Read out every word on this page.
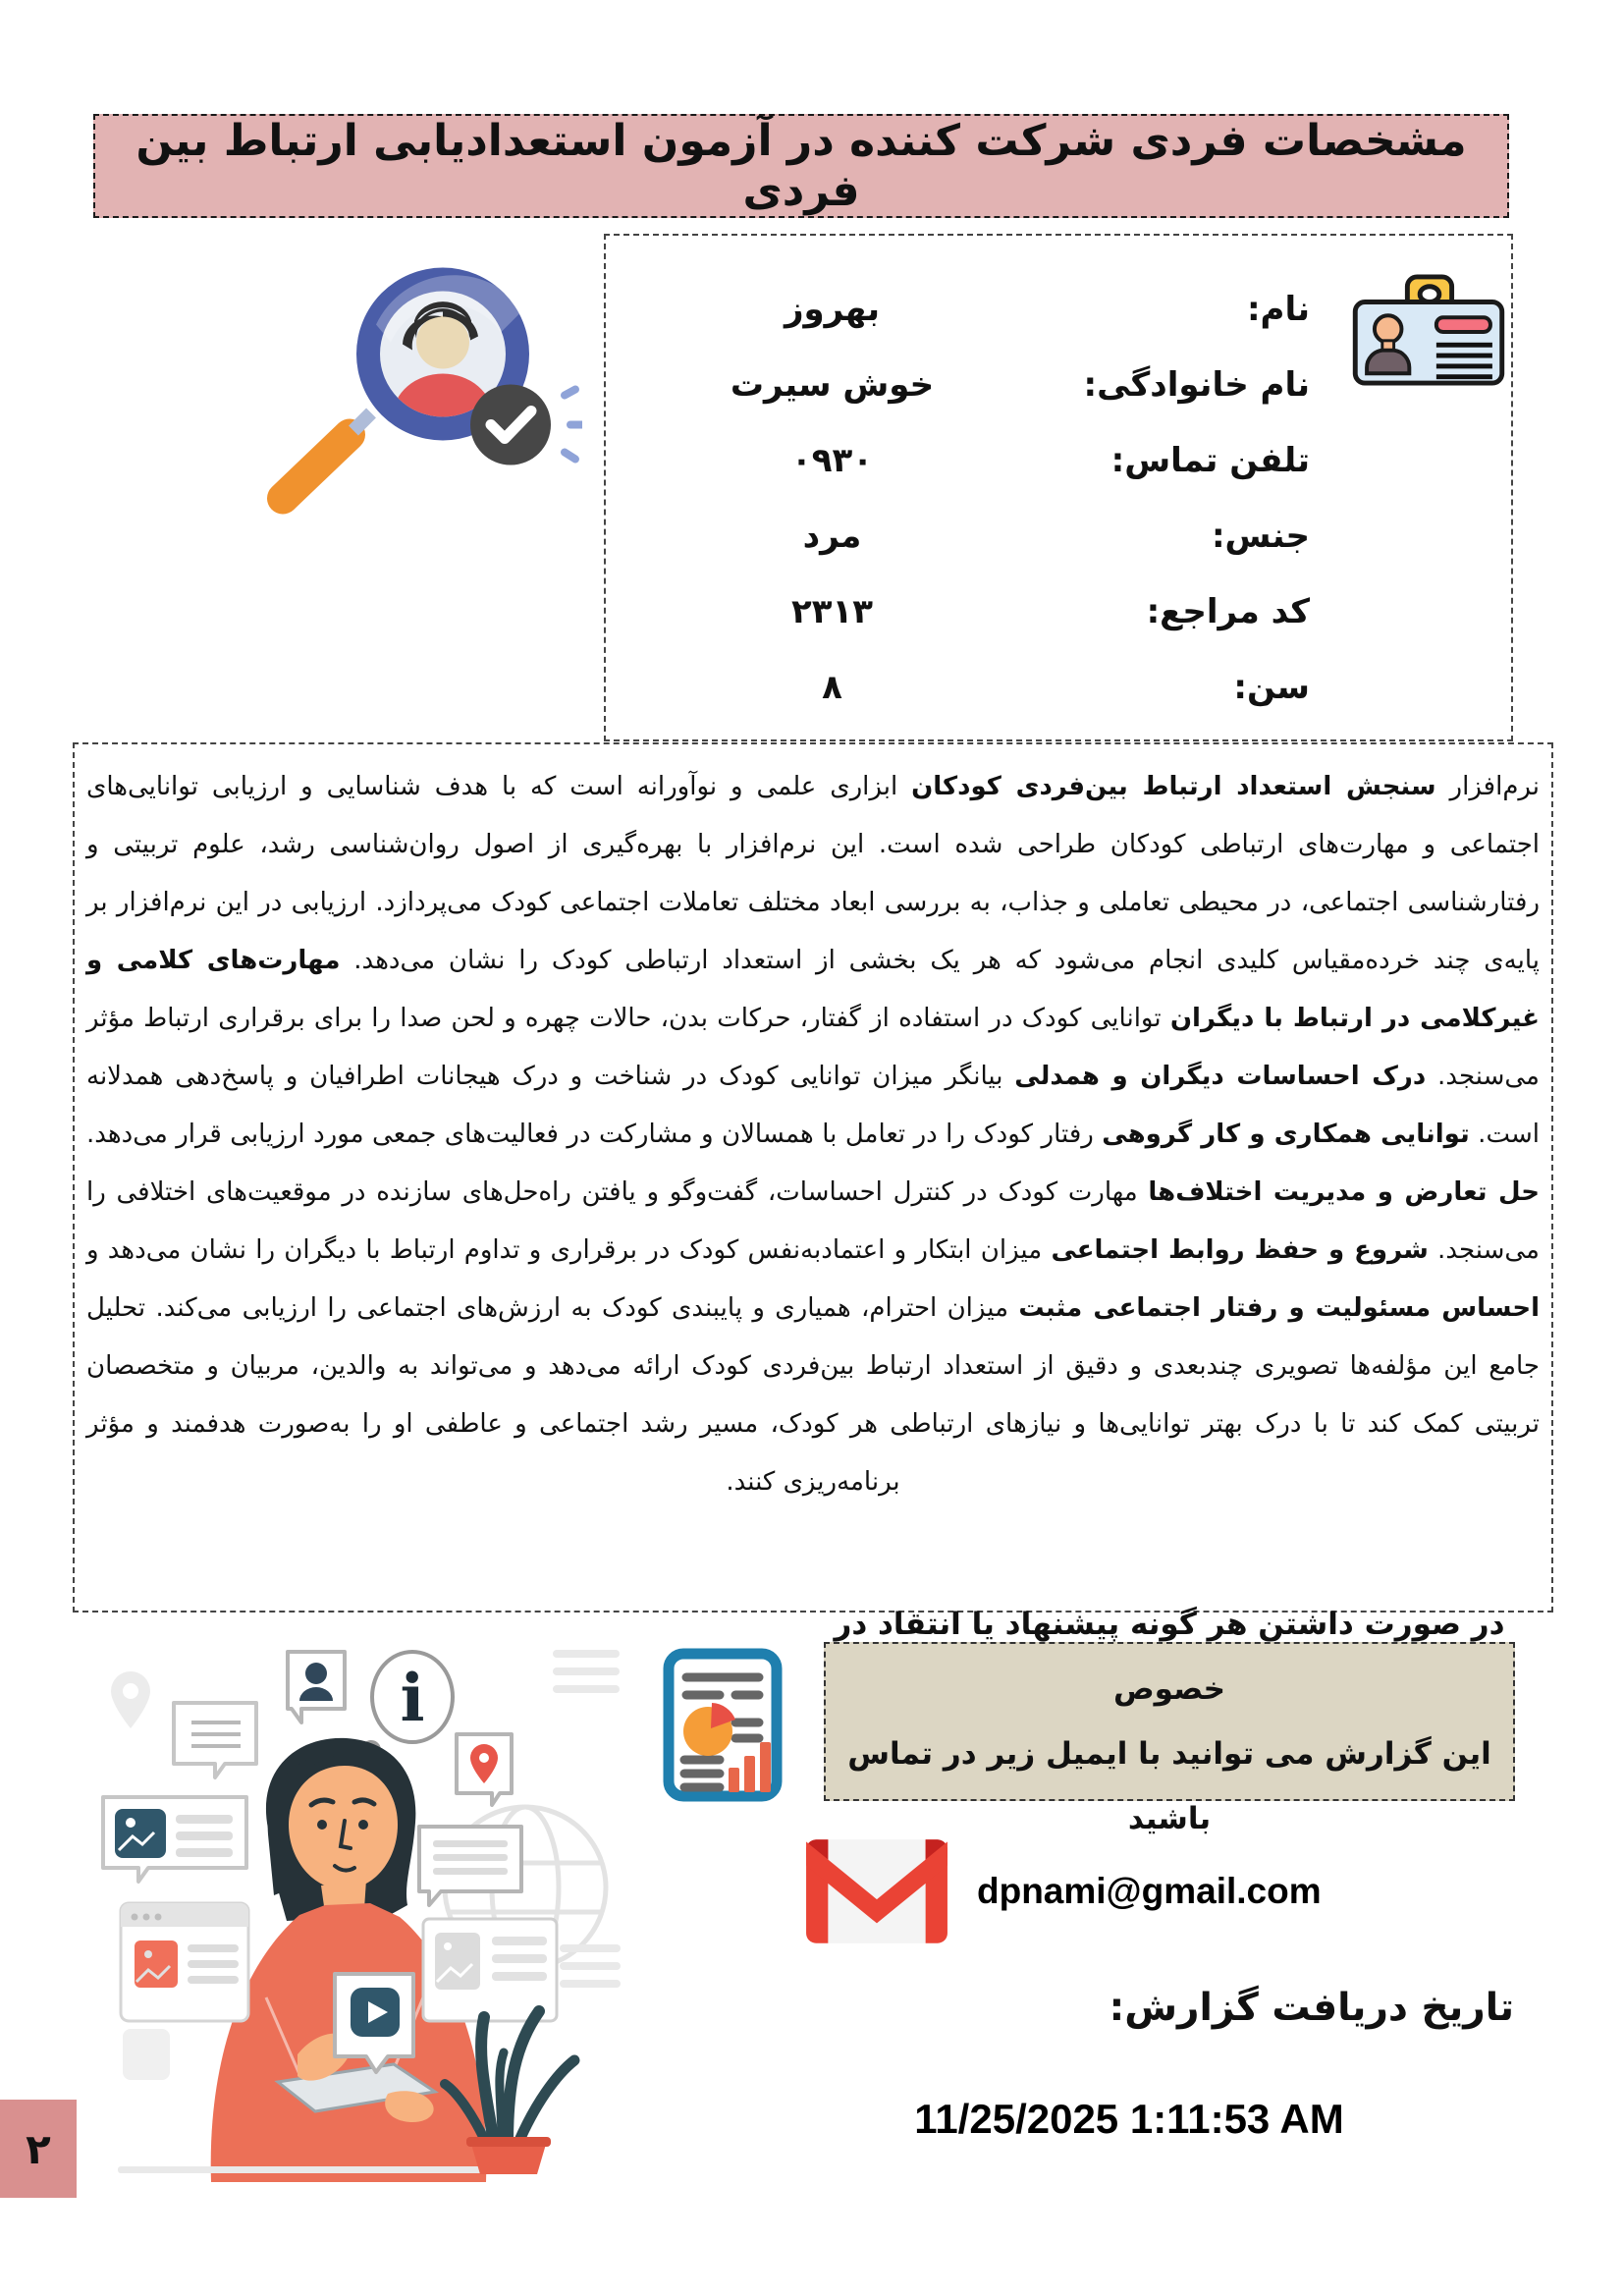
مشخصات فردی شرکت کننده در آزمون استعدادیابی ارتباط بین فردی
نام:
بهروز
نام خانوادگی:
خوش سیرت
تلفن تماس:
۰۹۳۰
جنس:
مرد
کد مراجع:
۲۳۱۳
سن:
۸
نرم‌افزار سنجش استعداد ارتباط بین‌فردی کودکان ابزاری علمی و نوآورانه است که با هدف شناسایی و ارزیابی توانایی‌های اجتماعی و مهارت‌های ارتباطی کودکان طراحی شده است. این نرم‌افزار با بهره‌گیری از اصول روان‌شناسی رشد، علوم تربیتی و رفتارشناسی اجتماعی، در محیطی تعاملی و جذاب، به بررسی ابعاد مختلف تعاملات اجتماعی کودک می‌پردازد. ارزیابی در این نرم‌افزار بر پایه‌ی چند خرده‌مقیاس کلیدی انجام می‌شود که هر یک بخشی از استعداد ارتباطی کودک را نشان می‌دهد. مهارت‌های کلامی و غیرکلامی در ارتباط با دیگران توانایی کودک در استفاده از گفتار، حرکات بدن، حالات چهره و لحن صدا را برای برقراری ارتباط مؤثر می‌سنجد. درک احساسات دیگران و همدلی بیانگر میزان توانایی کودک در شناخت و درک هیجانات اطرافیان و پاسخ‌دهی همدلانه است. توانایی همکاری و کار گروهی رفتار کودک را در تعامل با همسالان و مشارکت در فعالیت‌های جمعی مورد ارزیابی قرار می‌دهد. حل تعارض و مدیریت اختلاف‌ها مهارت کودک در کنترل احساسات، گفت‌وگو و یافتن راه‌حل‌های سازنده در موقعیت‌های اختلافی را می‌سنجد. شروع و حفظ روابط اجتماعی میزان ابتکار و اعتمادبه‌نفس کودک در برقراری و تداوم ارتباط با دیگران را نشان می‌دهد و احساس مسئولیت و رفتار اجتماعی مثبت میزان احترام، همیاری و پایبندی کودک به ارزش‌های اجتماعی را ارزیابی می‌کند. تحلیل جامع این مؤلفه‌ها تصویری چندبعدی و دقیق از استعداد ارتباط بین‌فردی کودک ارائه می‌دهد و می‌تواند به والدین، مربیان و متخصصان تربیتی کمک کند تا با درک بهتر توانایی‌ها و نیازهای ارتباطی هر کودک، مسیر رشد اجتماعی و عاطفی او را به‌صورت هدفمند و مؤثر برنامه‌ریزی کنند.
i
در صورت داشتن هر گونه پیشنهاد یا انتقاد در خصوص
این گزارش می توانید با ایمیل زیر در تماس باشید
dpnami@gmail.com
تاریخ دریافت گزارش:
11/25/2025 1:11:53 AM
۲
